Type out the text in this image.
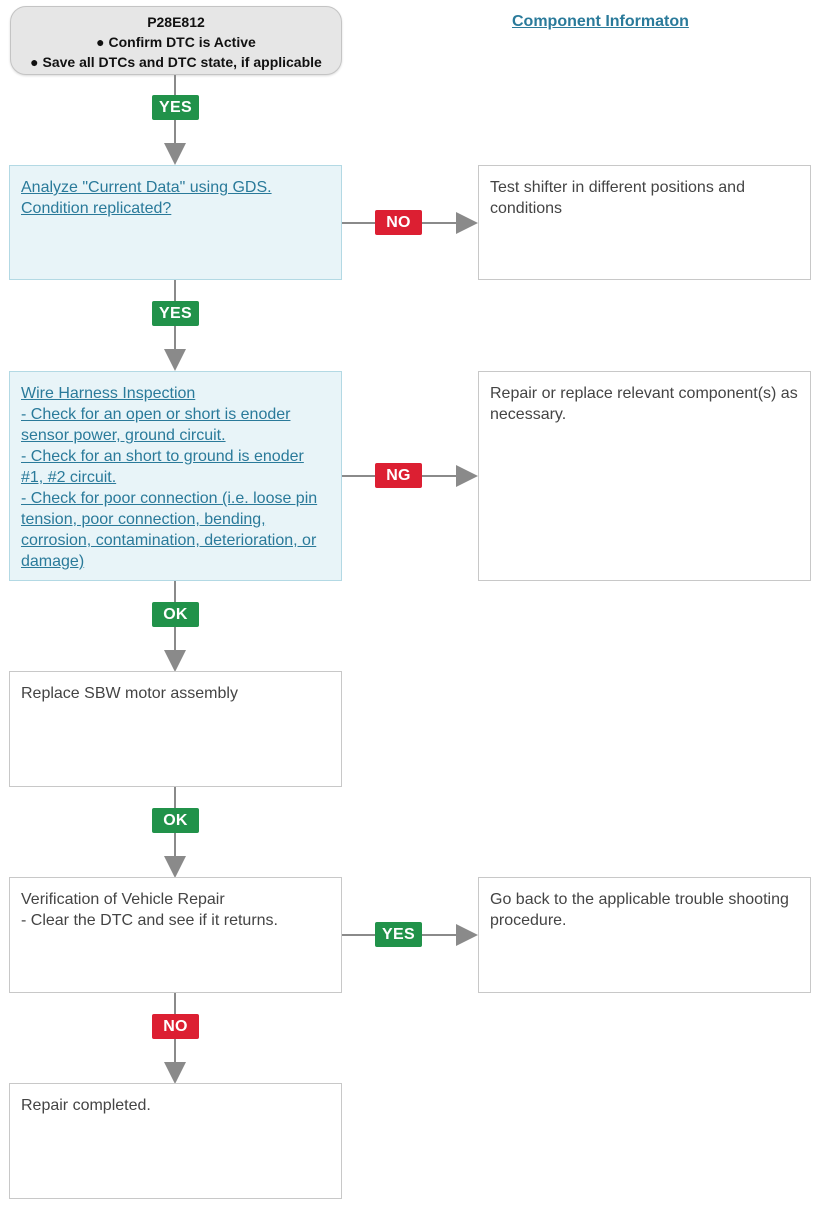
P28E812
● Confirm DTC is Active
● Save all DTCs and DTC state, if applicable
Component Informaton
YES

Analyze "Current Data" using GDS.

Condition replicated?

NO

Test shifter in different positions and conditions

YES

Wire Harness Inspection

- Check for an open or short is enoder sensor power, ground circuit.

- Check for an short to ground is enoder #1, #2 circuit.

- Check for poor connection (i.e. loose pin tension, poor connection, bending, corrosion, contamination, deterioration, or damage)

NG

Repair or replace relevant component(s) as necessary.

OK

Replace SBW motor assembly

OK

Verification of Vehicle Repair

- Clear the DTC and see if it returns.

YES

Go back to the applicable trouble shooting procedure.

NO

Repair completed.
